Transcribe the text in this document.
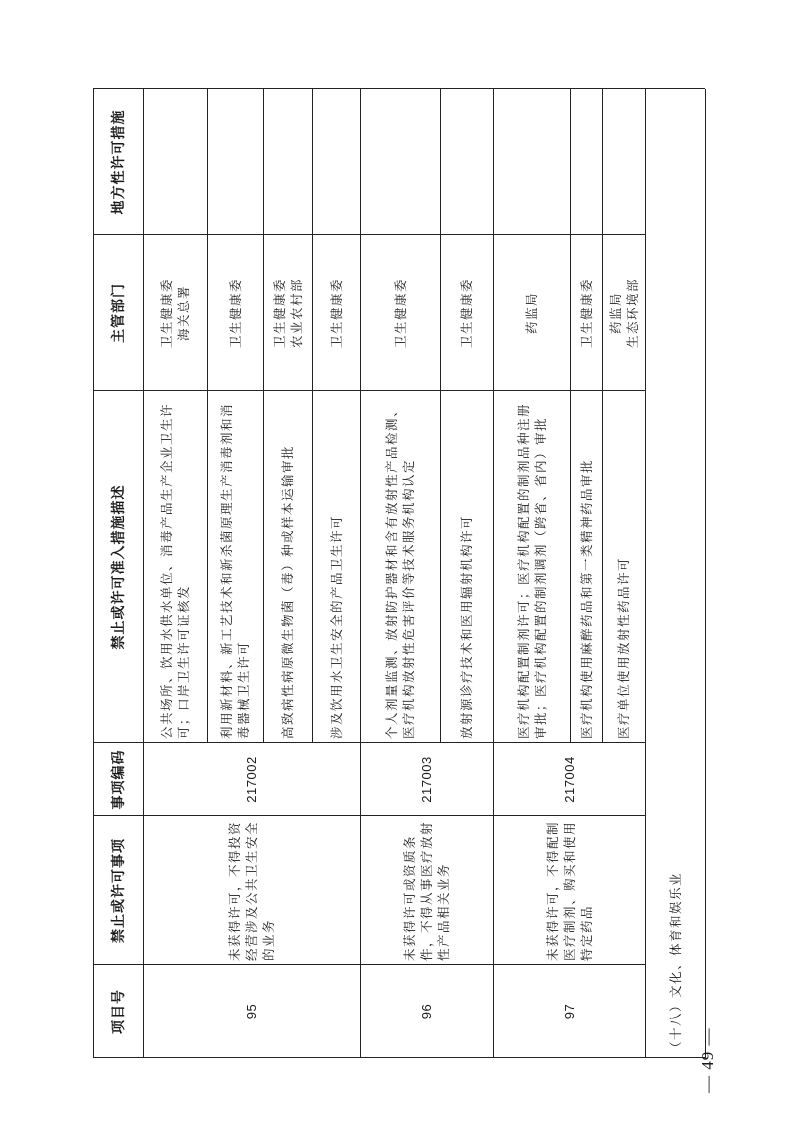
项目号
禁止或许可事项
事项编码
禁止或许可准入措施描述
主管部门
地方性许可措施
95
未获得许可，不得投资经营涉及公共卫生安全的业务
217002
公共场所、饮用水供水单位、消毒产品生产企业卫生许可；口岸卫生许可证核发
卫生健康委 海关总署
利用新材料、新工艺技术和新杀菌原理生产消毒剂和消毒器械卫生许可
卫生健康委
高致病性病原微生物菌（毒）种或样本运输审批
卫生健康委 农业农村部
涉及饮用水卫生安全的产品卫生许可
卫生健康委
96
未获得许可或资质条件，不得从事医疗放射性产品相关业务
217003
个人剂量监测、放射防护器材和含有放射性产品检测、医疗机构放射性危害评价等技术服务机构认定
卫生健康委
放射源诊疗技术和医用辐射机构许可
卫生健康委
97
未获得许可，不得配制医疗制剂、购买和使用特定药品
217004
医疗机构配置制剂许可；医疗机构配置的制剂品种注册审批；医疗机构配置的制剂调剂（跨省、省内）审批
药监局
医疗机构使用麻醉药品和第一类精神药品审批
卫生健康委
医疗单位使用放射性药品许可
药监局 生态环境部
（十八）文化、体育和娱乐业
— 49 —
